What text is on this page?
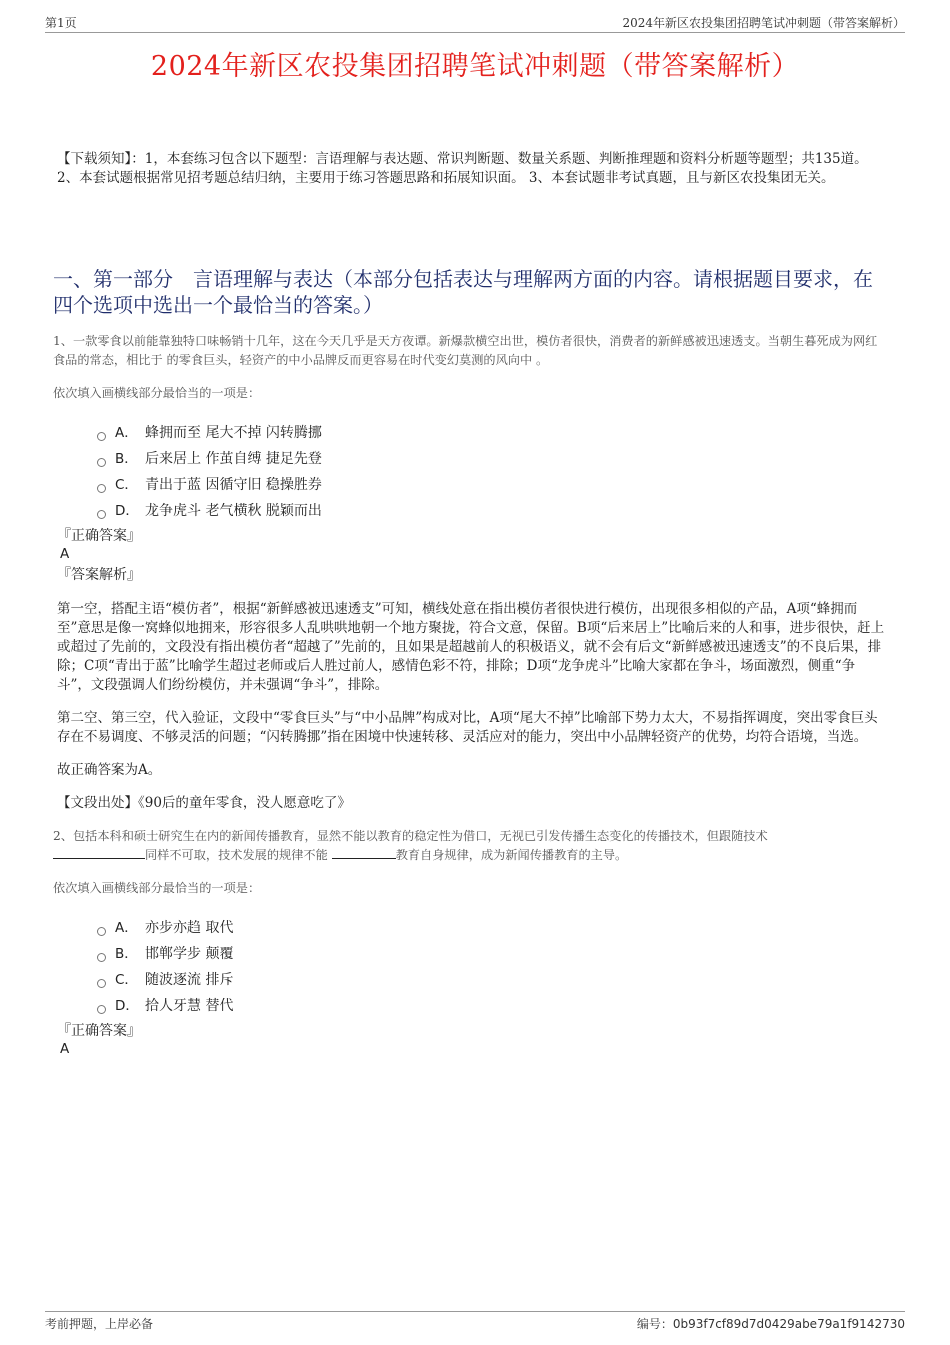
第1页	2024年新区农投集团招聘笔试冲刺题（带答案解析）
2024年新区农投集团招聘笔试冲刺题（带答案解析）

【下载须知】：1，本套练习包含以下题型：言语理解与表达题、常识判断题、数量关系题、判断推理题和资料分析题等题型；共135道。 2、本套试题根据常见招考题总结归纳，主要用于练习答题思路和拓展知识面。 3、本套试题非考试真题，且与新区农投集团无关。

一、第一部分　言语理解与表达（本部分包括表达与理解两方面的内容。请根据题目要求，在四个选项中选出一个最恰当的答案。）

1、一款零食以前能靠独特口味畅销十几年，这在今天几乎是天方夜谭。新爆款横空出世，模仿者很快，消费者的新鲜感被迅速透支。当朝生暮死成为网红食品的常态，相比于 的零食巨头，轻资产的中小品牌反而更容易在时代变幻莫测的风向中 。

依次填入画横线部分最恰当的一项是：

A． 蜂拥而至 尾大不掉 闪转腾挪
B． 后来居上 作茧自缚 捷足先登
C． 青出于蓝 因循守旧 稳操胜券
D． 龙争虎斗 老气横秋 脱颖而出

『正确答案』

A

『答案解析』

第一空，搭配主语“模仿者”，根据“新鲜感被迅速透支”可知，横线处意在指出模仿者很快进行模仿，出现很多相似的产品，A项“蜂拥而至”意思是像一窝蜂似地拥来，形容很多人乱哄哄地朝一个地方聚拢，符合文意，保留。B项“后来居上”比喻后来的人和事，进步很快，赶上或超过了先前的，文段没有指出模仿者“超越了”先前的，且如果是超越前人的积极语义，就不会有后文“新鲜感被迅速透支”的不良后果，排除；C项“青出于蓝”比喻学生超过老师或后人胜过前人，感情色彩不符，排除；D项“龙争虎斗”比喻大家都在争斗，场面激烈，侧重“争斗”，文段强调人们纷纷模仿，并未强调“争斗”，排除。

第二空、第三空，代入验证，文段中“零食巨头”与“中小品牌”构成对比，A项“尾大不掉”比喻部下势力太大，不易指挥调度，突出零食巨头存在不易调度、不够灵活的问题；“闪转腾挪”指在困境中快速转移、灵活应对的能力，突出中小品牌轻资产的优势，均符合语境，当选。

故正确答案为A。

【文段出处】《90后的童年零食，没人愿意吃了》

2、包括本科和硕士研究生在内的新闻传播教育，显然不能以教育的稳定性为借口，无视已引发传播生态变化的传播技术，但跟随技术
同样不可取，技术发展的规律不能	教育自身规律，成为新闻传播教育的主导。

依次填入画横线部分最恰当的一项是：

A． 亦步亦趋 取代
B． 邯郸学步 颠覆
C． 随波逐流 排斥
D． 拾人牙慧 替代

『正确答案』

A

考前押题，上岸必备	编号：0b93f7cf89d7d0429abe79a1f9142730
